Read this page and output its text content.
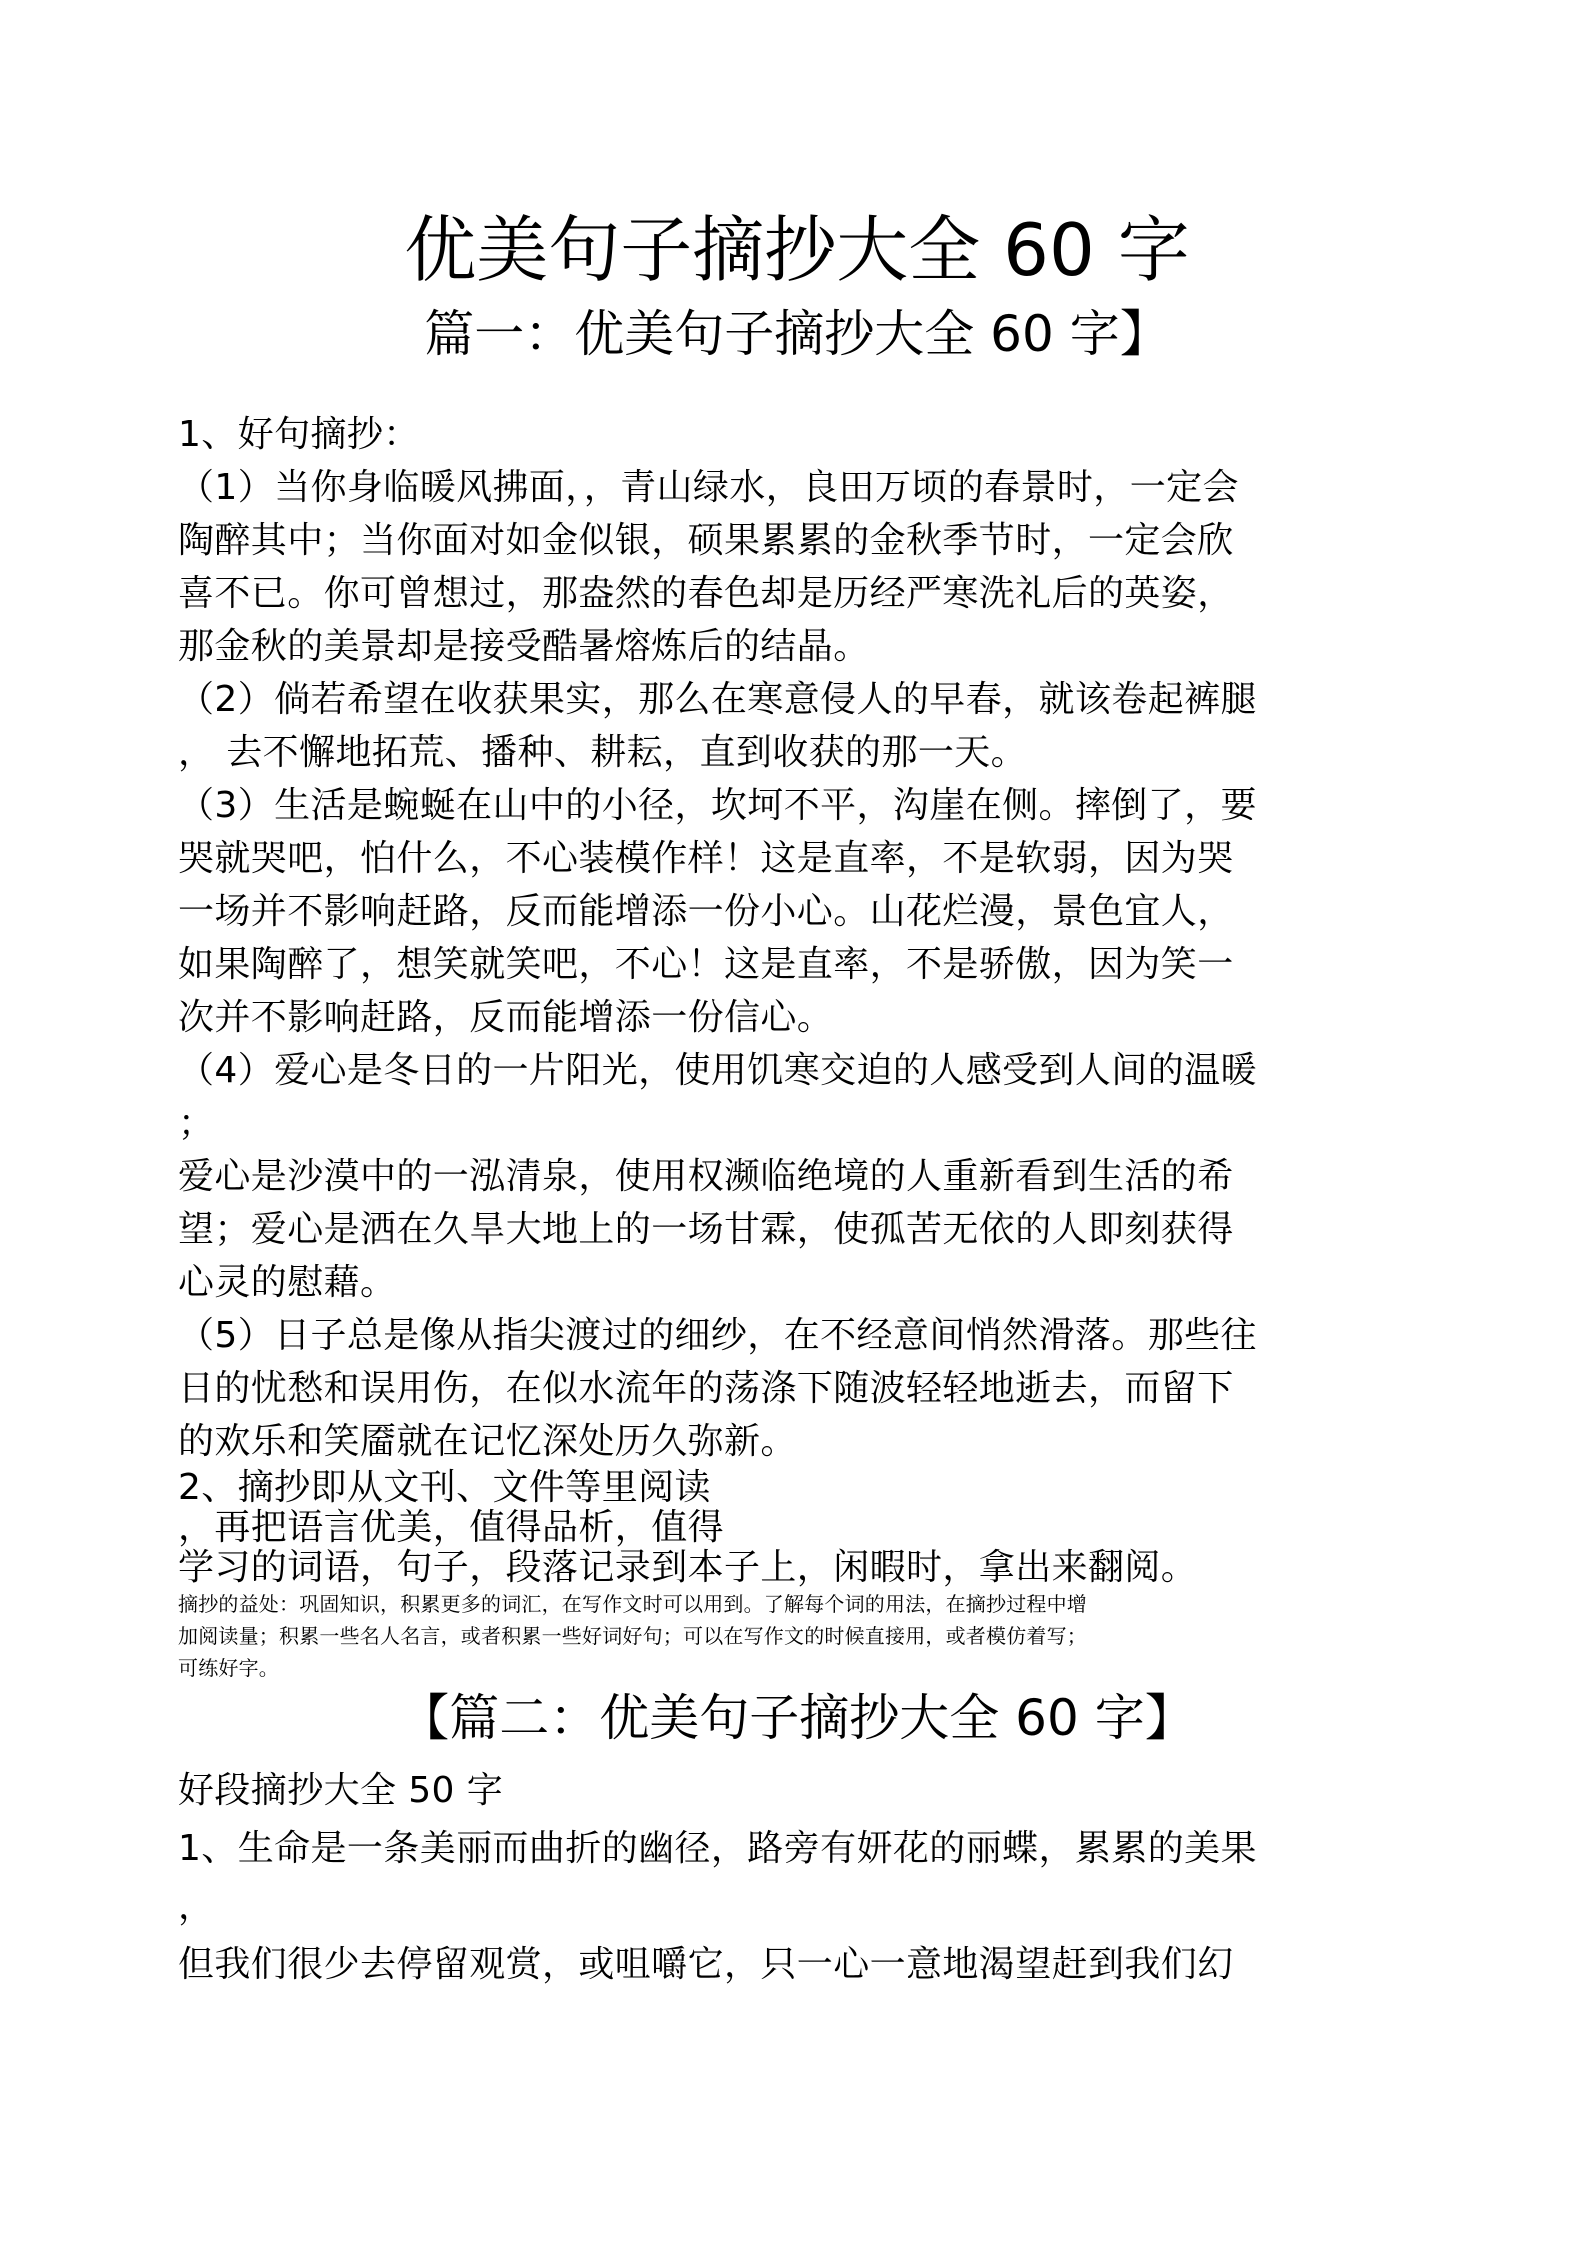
优美句子摘抄大全 60 字
篇一：优美句子摘抄大全 60 字】
1、好句摘抄：
（1）当你身临暖风拂面，，青山绿水，良田万顷的春景时，一定会
陶醉其中；当你面对如金似银，硕果累累的金秋季节时，一定会欣
喜不已。你可曾想过，那盎然的春色却是历经严寒洗礼后的英姿，
那金秋的美景却是接受酷暑熔炼后的结晶。
（2）倘若希望在收获果实，那么在寒意侵人的早春，就该卷起裤腿
， 去不懈地拓荒、播种、耕耘，直到收获的那一天。
（3）生活是蜿蜒在山中的小径，坎坷不平，沟崖在侧。摔倒了，要
哭就哭吧，怕什么，不心装模作样！这是直率，不是软弱，因为哭
一场并不影响赶路，反而能增添一份小心。山花烂漫，景色宜人，
如果陶醉了，想笑就笑吧，不心！这是直率，不是骄傲，因为笑一
次并不影响赶路，反而能增添一份信心。
（4）爱心是冬日的一片阳光，使用饥寒交迫的人感受到人间的温暖
；
爱心是沙漠中的一泓清泉，使用权濒临绝境的人重新看到生活的希
望；爱心是洒在久旱大地上的一场甘霖，使孤苦无依的人即刻获得
心灵的慰藉。
（5）日子总是像从指尖渡过的细纱，在不经意间悄然滑落。那些往
日的忧愁和误用伤，在似水流年的荡涤下随波轻轻地逝去，而留下
的欢乐和笑靥就在记忆深处历久弥新。
2、摘抄即从文刊、文件等里阅读
，再把语言优美，值得品析，值得
学习的词语，句子，段落记录到本子上，闲暇时，拿出来翻阅。
摘抄的益处：巩固知识，积累更多的词汇，在写作文时可以用到。了解每个词的用法，在摘抄过程中增
加阅读量；积累一些名人名言，或者积累一些好词好句；可以在写作文的时候直接用，或者模仿着写；
可练好字。
【篇二：优美句子摘抄大全 60 字】
好段摘抄大全 50 字
1、生命是一条美丽而曲折的幽径，路旁有妍花的丽蝶，累累的美果
，
但我们很少去停留观赏，或咀嚼它，只一心一意地渴望赶到我们幻
